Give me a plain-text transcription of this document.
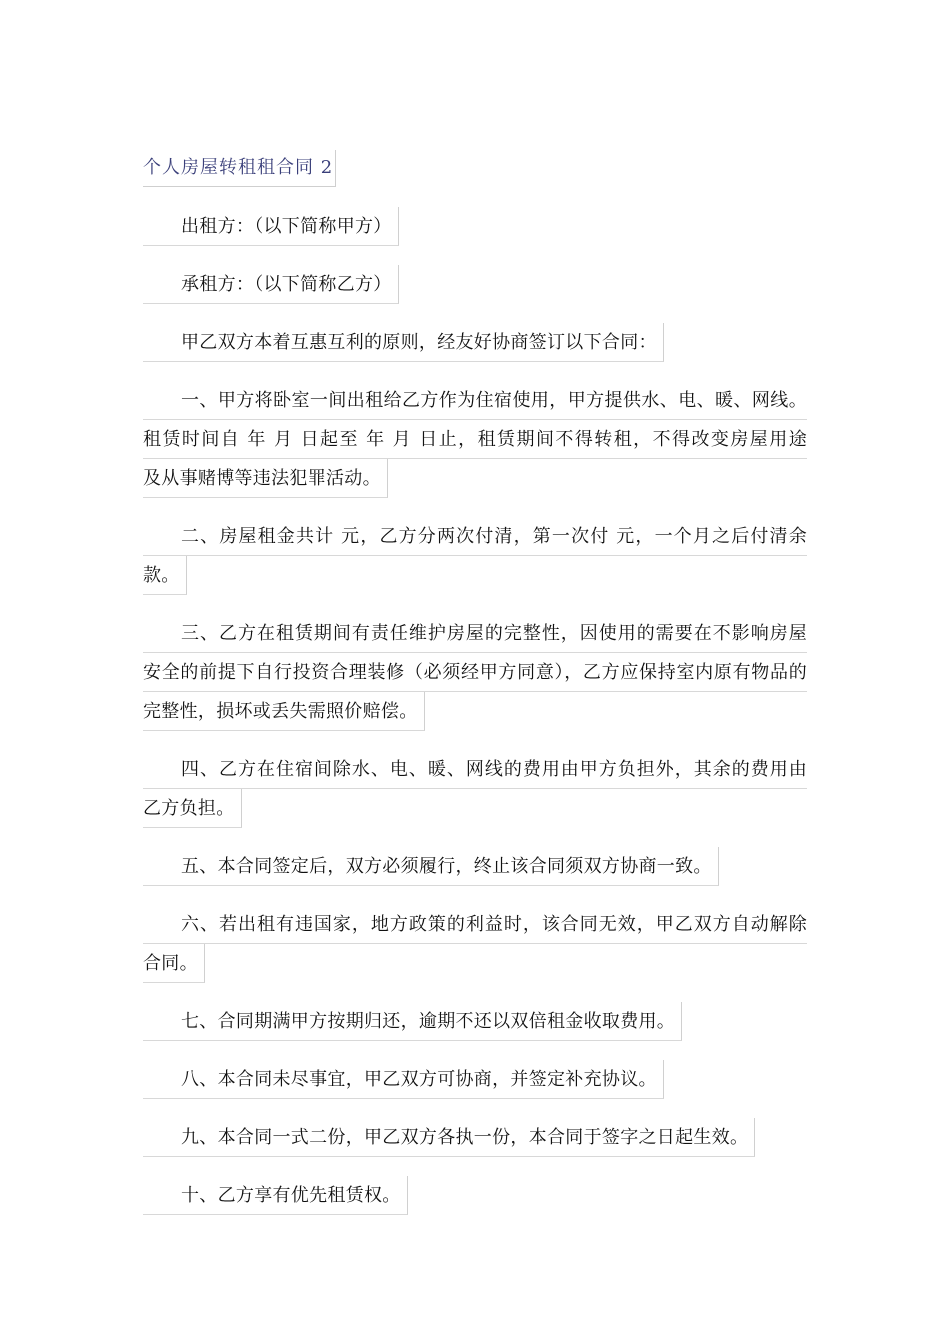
个人房屋转租租合同 2
出租方：（以下简称甲方）
承租方：（以下简称乙方）
甲乙双方本着互惠互利的原则，经友好协商签订以下合同：
一、甲方将卧室一间出租给乙方作为住宿使用，甲方提供水、电、暖、网线。
租赁时间自 年 月 日起至 年 月 日止，租赁期间不得转租，不得改变房屋用途
及从事赌博等违法犯罪活动。
二、房屋租金共计 元，乙方分两次付清，第一次付 元，一个月之后付清余
款。
三、乙方在租赁期间有责任维护房屋的完整性，因使用的需要在不影响房屋
安全的前提下自行投资合理装修（必须经甲方同意），乙方应保持室内原有物品的
完整性，损坏或丢失需照价赔偿。
四、乙方在住宿间除水、电、暖、网线的费用由甲方负担外，其余的费用由
乙方负担。
五、本合同签定后，双方必须履行，终止该合同须双方协商一致。
六、若出租有违国家，地方政策的利益时，该合同无效，甲乙双方自动解除
合同。
七、合同期满甲方按期归还，逾期不还以双倍租金收取费用。
八、本合同未尽事宜，甲乙双方可协商，并签定补充协议。
九、本合同一式二份，甲乙双方各执一份，本合同于签字之日起生效。
十、乙方享有优先租赁权。
